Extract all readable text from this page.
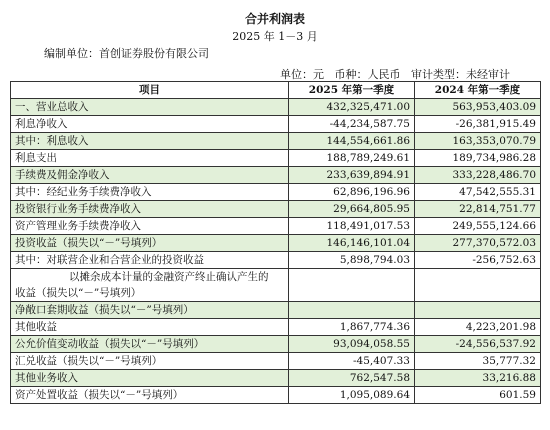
合并利润表
2025 年 1－3 月
编制单位：首创证券股份有限公司
单位：元   币种：人民币   审计类型：未经审计
项目	2025 年第一季度	2024 年第一季度
一、营业总收入	432,325,471.00	563,953,403.09
利息净收入	-44,234,587.75	-26,381,915.49
其中：利息收入	144,554,661.86	163,353,070.79
利息支出	188,789,249.61	189,734,986.28
手续费及佣金净收入	233,639,894.91	333,228,486.70
其中：经纪业务手续费净收入	62,896,196.96	47,542,555.31
投资银行业务手续费净收入	29,664,805.95	22,814,751.77
资产管理业务手续费净收入	118,491,017.53	249,555,124.66
投资收益（损失以“－”号填列）	146,146,101.04	277,370,572.03
其中：对联营企业和合营企业的投资收益	5,898,794.03	-256,752.63

以摊余成本计量的金融资产终止确认产生的
收益（损失以“－”号填列）		

净敞口套期收益（损失以“－”号填列）		
其他收益	1,867,774.36	4,223,201.98
公允价值变动收益（损失以“－”号填列）	93,094,058.55	-24,556,537.92
汇兑收益（损失以“－”号填列）	-45,407.33	35,777.32
其他业务收入	762,547.58	33,216.88
资产处置收益（损失以“－”号填列）	1,095,089.64	601.59
